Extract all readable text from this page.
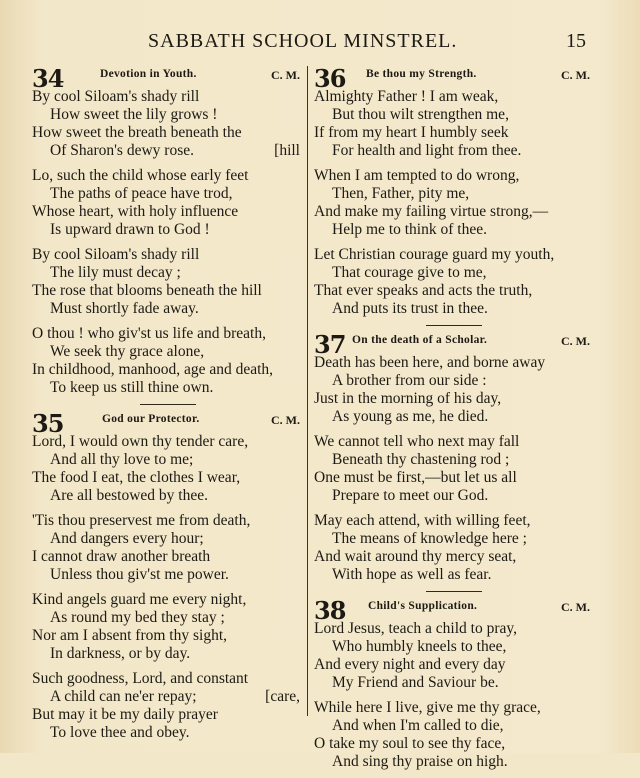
SABBATH SCHOOL MINSTREL.	15
34	Devotion in Youth.	C. M.
By cool Siloam's shady rill
How sweet the lily grows !
How sweet the breath beneath the
Of Sharon's dewy rose.	[hill
Lo, such the child whose early feet
The paths of peace have trod,
Whose heart, with holy influence
Is upward drawn to God !
By cool Siloam's shady rill
The lily must decay ;
The rose that blooms beneath the hill
Must shortly fade away.
O thou ! who giv'st us life and breath,
We seek thy grace alone,
In childhood, manhood, age and death,
To keep us still thine own.
35	God our Protector.	C. M.
Lord, I would own thy tender care,
And all thy love to me;
The food I eat, the clothes I wear,
Are all bestowed by thee.
'Tis thou preservest me from death,
And dangers every hour;
I cannot draw another breath
Unless thou giv'st me power.
Kind angels guard me every night,
As round my bed they stay ;
Nor am I absent from thy sight,
In darkness, or by day.
Such goodness, Lord, and constant
A child can ne'er repay;	[care,
But may it be my daily prayer
To love thee and obey.
36 Be thou my Strength.	C. M.
Almighty Father ! I am weak,
But thou wilt strengthen me,
If from my heart I humbly seek
For health and light from thee.
When I am tempted to do wrong,
Then, Father, pity me,
And make my failing virtue strong,—
Help me to think of thee.
Let Christian courage guard my youth,
That courage give to me,
That ever speaks and acts the truth,
And puts its trust in thee.
37 On the death of a Scholar.	C. M.
Death has been here, and borne away
A brother from our side :
Just in the morning of his day,
As young as me, he died.
We cannot tell who next may fall
Beneath thy chastening rod ;
One must be first,—but let us all
Prepare to meet our God.
May each attend, with willing feet,
The means of knowledge here ;
And wait around thy mercy seat,
With hope as well as fear.
38 Child's Supplication.	C. M.
Lord Jesus, teach a child to pray,
Who humbly kneels to thee,
And every night and every day
My Friend and Saviour be.
While here I live, give me thy grace,
And when I'm called to die,
O take my soul to see thy face,
And sing thy praise on high.
